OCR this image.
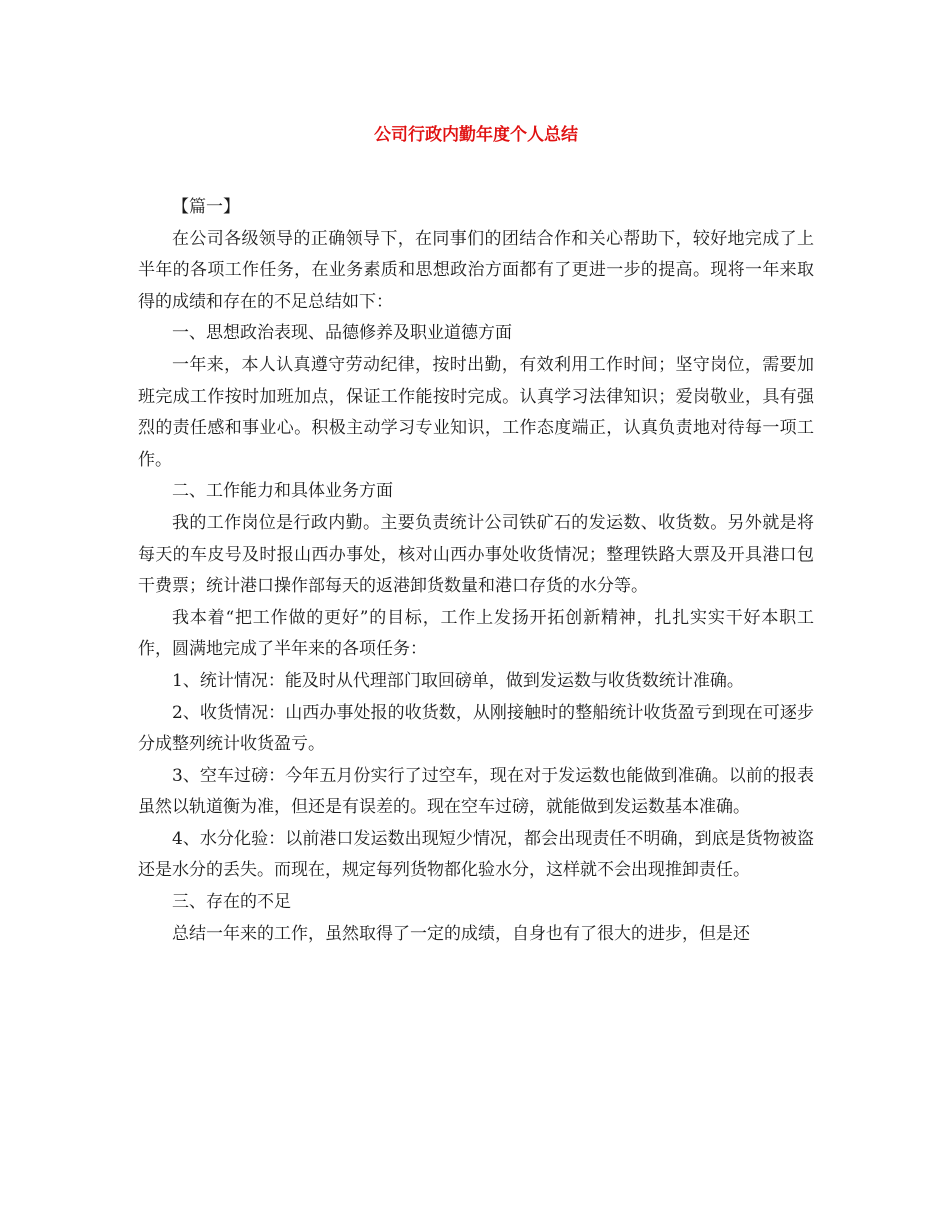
公司行政内勤年度个人总结

【篇一】

在公司各级领导的正确领导下，在同事们的团结合作和关心帮助下，较好地完成了上半年的各项工作任务，在业务素质和思想政治方面都有了更进一步的提高。现将一年来取得的成绩和存在的不足总结如下：

一、思想政治表现、品德修养及职业道德方面

一年来，本人认真遵守劳动纪律，按时出勤，有效利用工作时间；坚守岗位，需要加班完成工作按时加班加点，保证工作能按时完成。认真学习法律知识；爱岗敬业，具有强烈的责任感和事业心。积极主动学习专业知识，工作态度端正，认真负责地对待每一项工作。

二、工作能力和具体业务方面

我的工作岗位是行政内勤。主要负责统计公司铁矿石的发运数、收货数。另外就是将每天的车皮号及时报山西办事处，核对山西办事处收货情况；整理铁路大票及开具港口包干费票；统计港口操作部每天的返港卸货数量和港口存货的水分等。

我本着“把工作做的更好”的目标，工作上发扬开拓创新精神，扎扎实实干好本职工作，圆满地完成了半年来的各项任务：

1、统计情况：能及时从代理部门取回磅单，做到发运数与收货数统计准确。

2、收货情况：山西办事处报的收货数，从刚接触时的整船统计收货盈亏到现在可逐步分成整列统计收货盈亏。

3、空车过磅：今年五月份实行了过空车，现在对于发运数也能做到准确。以前的报表虽然以轨道衡为准，但还是有误差的。现在空车过磅，就能做到发运数基本准确。

4、水分化验：以前港口发运数出现短少情况，都会出现责任不明确，到底是货物被盗还是水分的丢失。而现在，规定每列货物都化验水分，这样就不会出现推卸责任。

三、存在的不足

总结一年来的工作，虽然取得了一定的成绩，自身也有了很大的进步，但是还
